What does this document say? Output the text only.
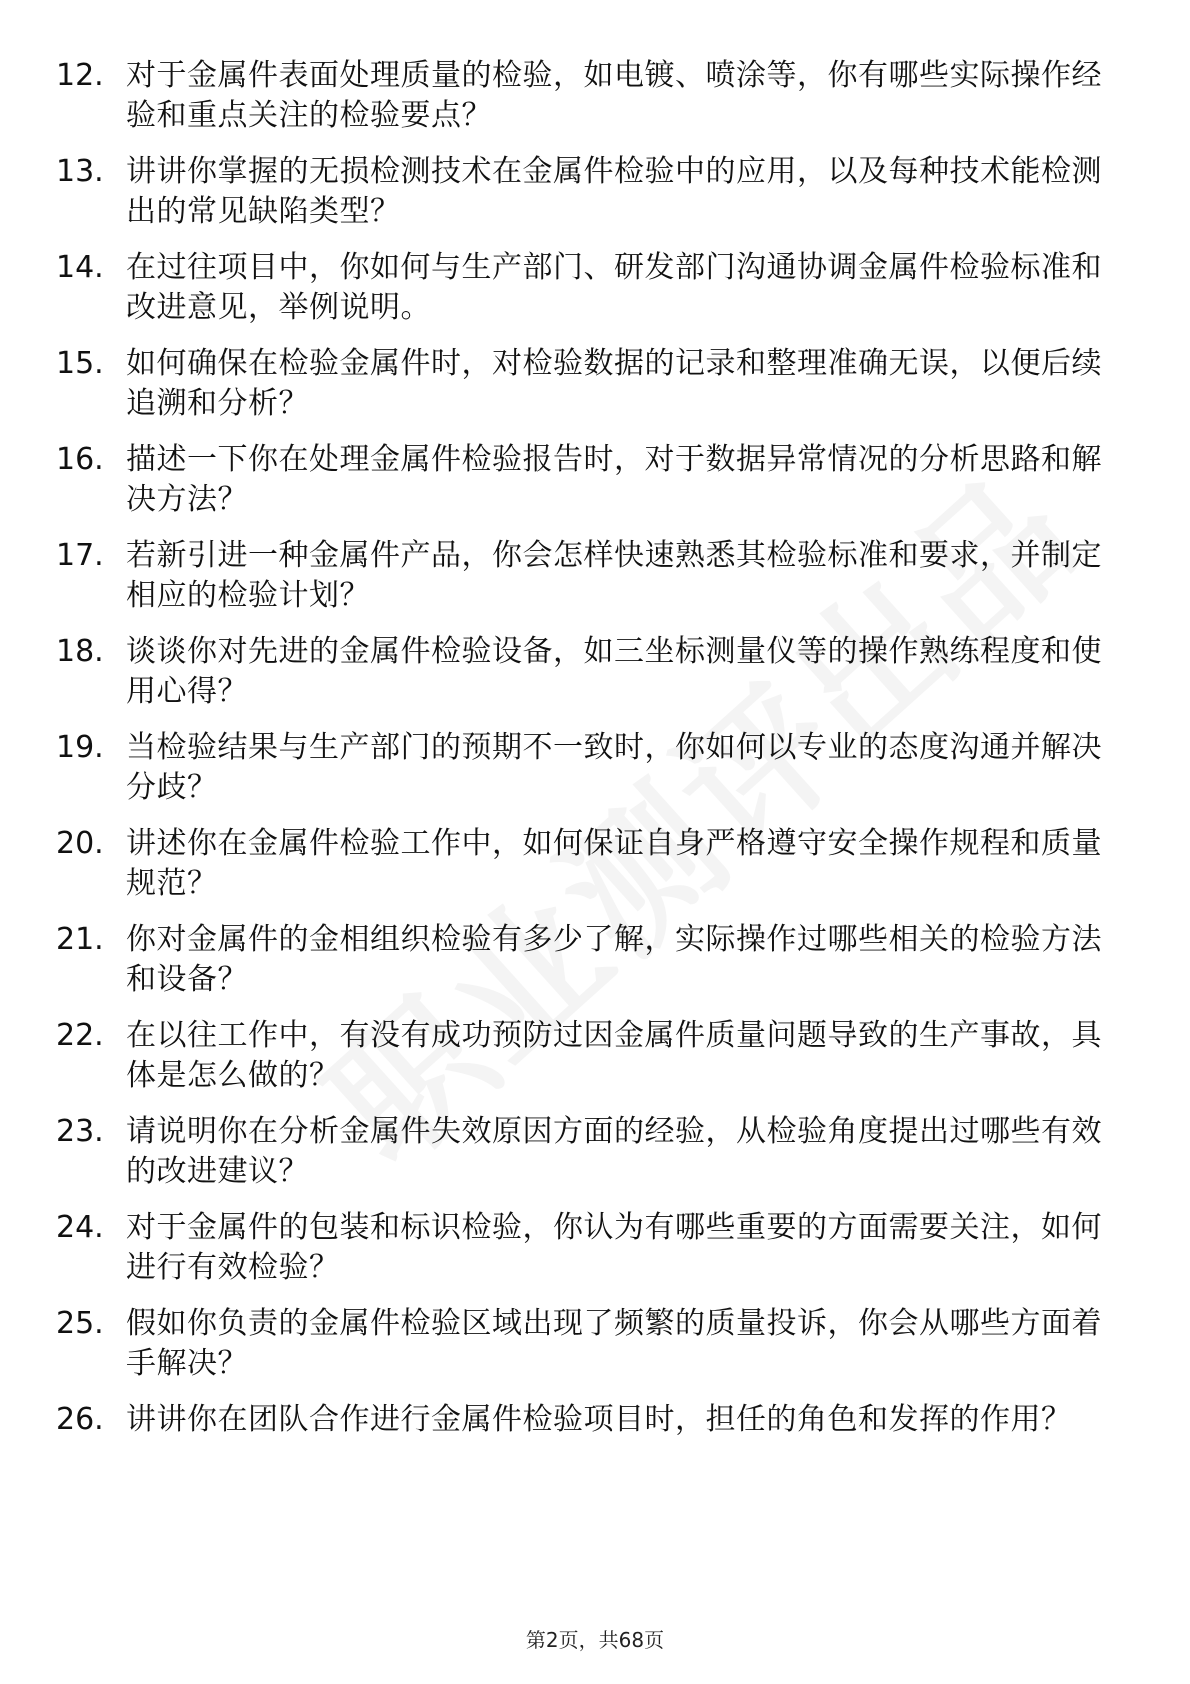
12. 对于金属件表面处理质量的检验，如电镀、喷涂等，你有哪些实际操作经验和重点关注的检验要点？
13. 讲讲你掌握的无损检测技术在金属件检验中的应用，以及每种技术能检测出的常见缺陷类型？
14. 在过往项目中，你如何与生产部门、研发部门沟通协调金属件检验标准和改进意见，举例说明。
15. 如何确保在检验金属件时，对检验数据的记录和整理准确无误，以便后续追溯和分析？
16. 描述一下你在处理金属件检验报告时，对于数据异常情况的分析思路和解决方法？
17. 若新引进一种金属件产品，你会怎样快速熟悉其检验标准和要求，并制定相应的检验计划？
18. 谈谈你对先进的金属件检验设备，如三坐标测量仪等的操作熟练程度和使用心得？
19. 当检验结果与生产部门的预期不一致时，你如何以专业的态度沟通并解决分歧？
20. 讲述你在金属件检验工作中，如何保证自身严格遵守安全操作规程和质量规范？
21. 你对金属件的金相组织检验有多少了解，实际操作过哪些相关的检验方法和设备？
22. 在以往工作中，有没有成功预防过因金属件质量问题导致的生产事故，具体是怎么做的？
23. 请说明你在分析金属件失效原因方面的经验，从检验角度提出过哪些有效的改进建议？
24. 对于金属件的包装和标识检验，你认为有哪些重要的方面需要关注，如何进行有效检验？
25. 假如你负责的金属件检验区域出现了频繁的质量投诉，你会从哪些方面着手解决？
26. 讲讲你在团队合作进行金属件检验项目时，担任的角色和发挥的作用？
第2页，共68页
